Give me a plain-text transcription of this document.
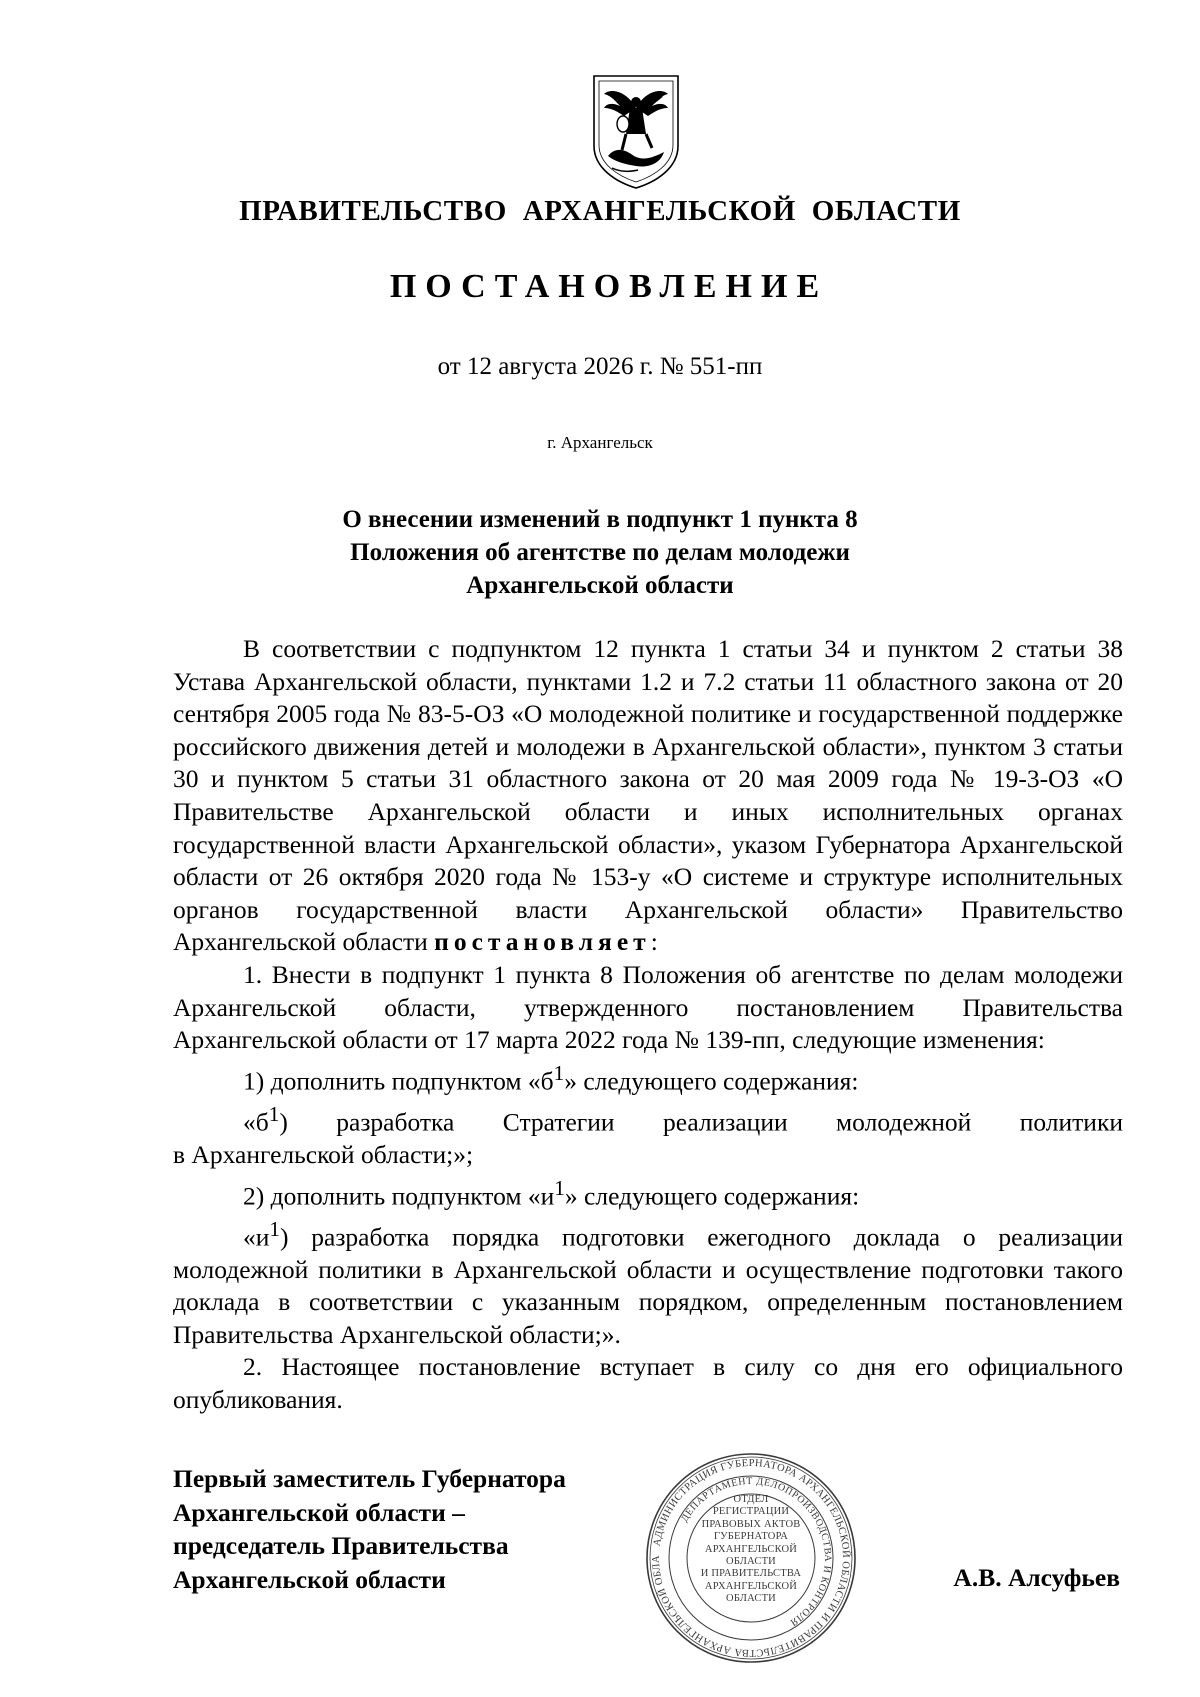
ПРАВИТЕЛЬСТВО АРХАНГЕЛЬСКОЙ ОБЛАСТИ
ПОСТАНОВЛЕНИЕ
от 12 августа 2026 г. № 551-пп
г. Архангельск
О внесении изменений в подпункт 1 пункта 8
Положения об агентстве по делам молодежи
Архангельской области

В соответствии с подпунктом 12 пункта 1 статьи 34 и пунктом 2 статьи 38 Устава Архангельской области, пунктами 1.2 и 7.2 статьи 11 областного закона от 20 сентября 2005 года № 83-5-ОЗ «О молодежной политике и государственной поддержке российского движения детей и молодежи в Архангельской области», пунктом 3 статьи 30 и пунктом 5 статьи 31 областного закона от 20 мая 2009 года № 19-3-ОЗ «О Правительстве Архангельской области и иных исполнительных органах государственной власти Архангельской области», указом Губернатора Архангельской области от 26 октября 2020 года № 153-у «О системе и структуре исполнительных органов государственной власти Архангельской области» Правительство Архангельской области постановляет:

1. Внести в подпункт 1 пункта 8 Положения об агентстве по делам молодежи Архангельской области, утвержденного постановлением Правительства Архангельской области от 17 марта 2022 года № 139-пп, следующие изменения:

1) дополнить подпунктом «$б^1$» следующего содержания:

«$б^1$) разработка Стратегии реализации молодежной политики

в Архангельской области;»;

2) дополнить подпунктом «$и^1$» следующего содержания:

«$и^1$) разработка порядка подготовки ежегодного доклада о реализации молодежной политики в Архангельской области и осуществление подготовки такого доклада в соответствии с указанным порядком, определенным постановлением Правительства Архангельской области;».

2. Настоящее постановление вступает в силу со дня его официального опубликования.

Первый заместитель Губернатора
Архангельской области –
председатель Правительства
Архангельской области
АДМИНИСТРАЦИЯ ГУБЕРНАТОРА АРХАНГЕЛЬСКОЙ ОБЛАСТИ И ПРАВИТЕЛЬСТВА АРХАНГЕЛЬСКОЙ ОБЛА
ДЕПАРТАМЕНТ ДЕЛОПРОИЗВОДСТВА И КОНТРОЛЯ
ОТДЕЛ
РЕГИСТРАЦИИ
ПРАВОВЫХ АКТОВ
ГУБЕРНАТОРА
АРХАНГЕЛЬСКОЙ
ОБЛАСТИ
И ПРАВИТЕЛЬСТВА
АРХАНГЕЛЬСКОЙ
ОБЛАСТИ
А.В. Алсуфьев
